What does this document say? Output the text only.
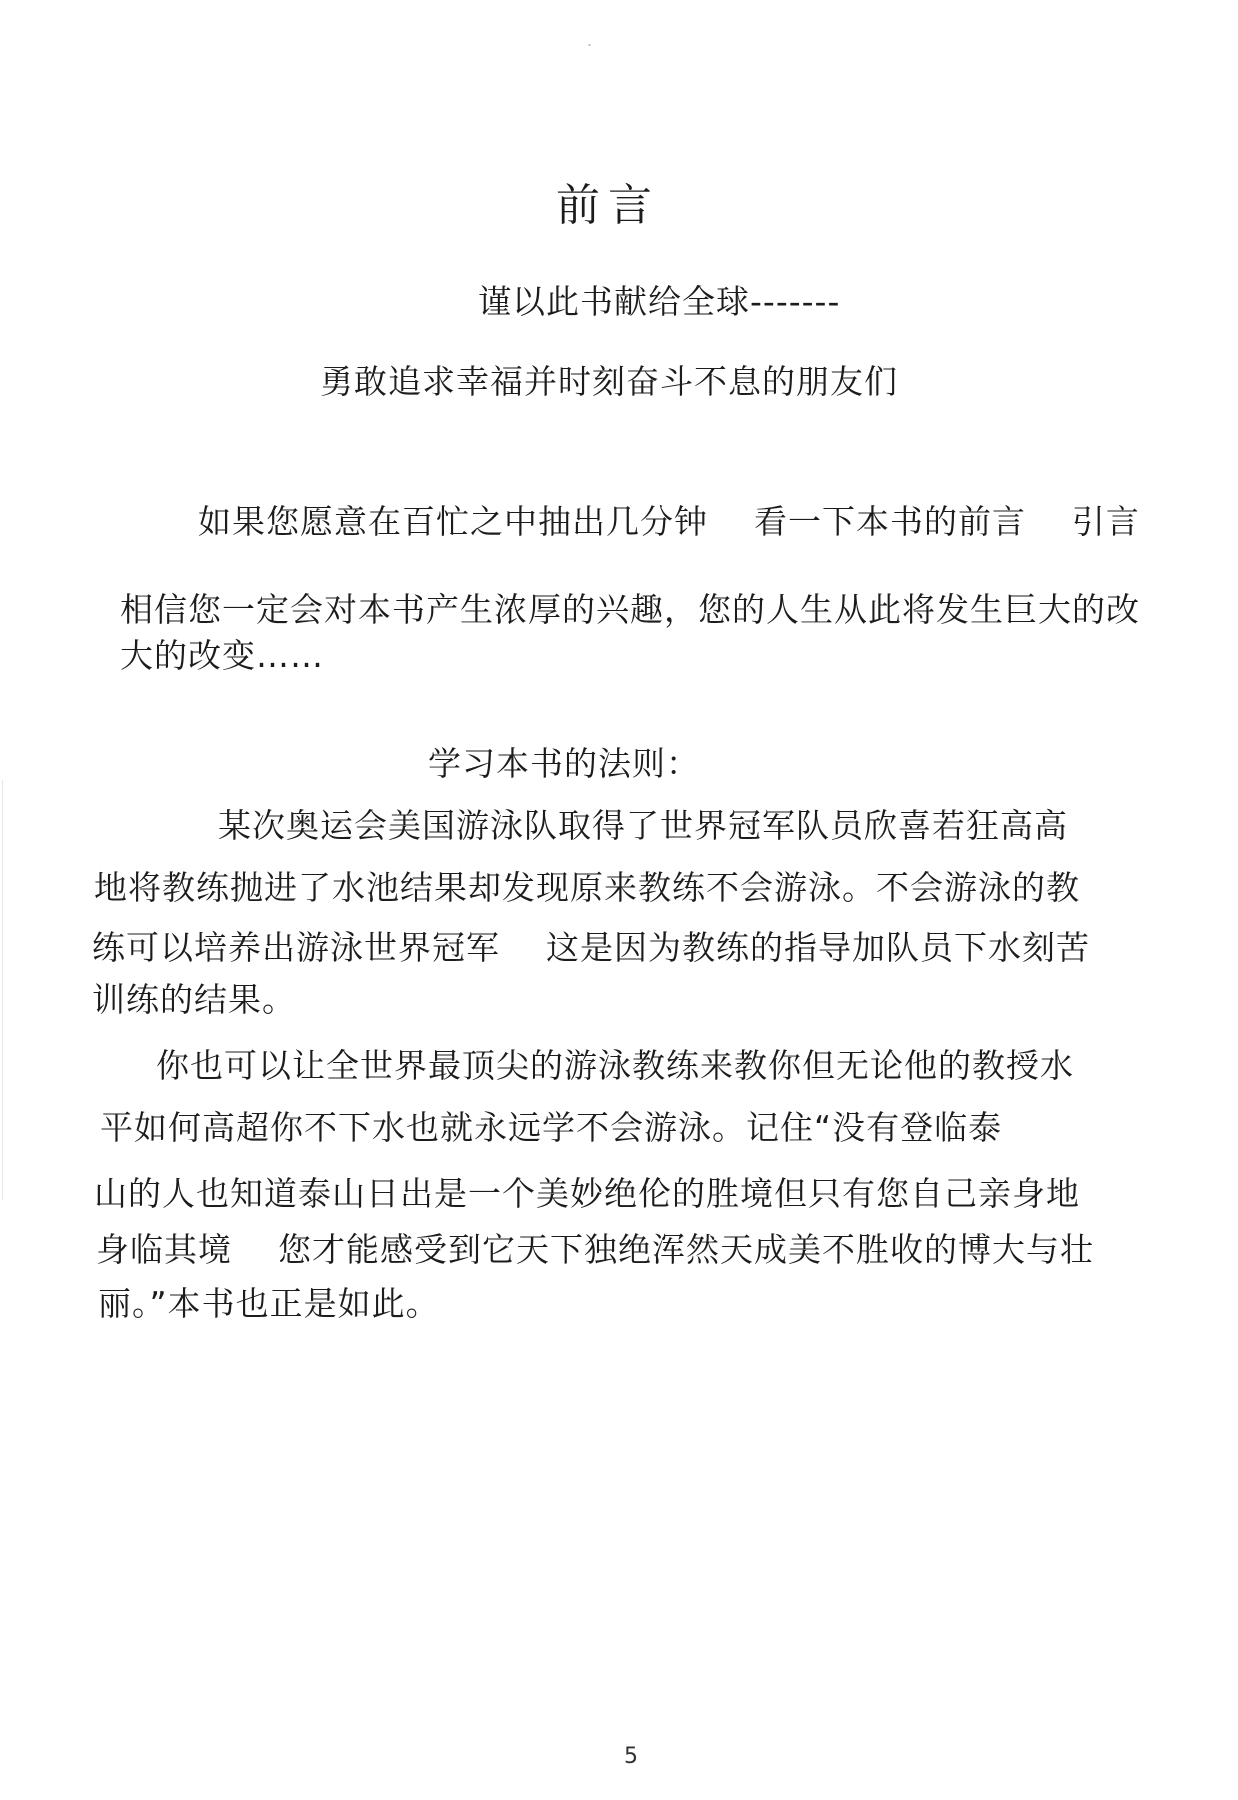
前言
谨以此书献给全球-------
勇敢追求幸福并时刻奋斗不息的朋友们
如果您愿意在百忙之中抽出几分钟    看一下本书的前言    引言
相信您一定会对本书产生浓厚的兴趣，您的人生从此将发生巨大的改
大的改变……
学习本书的法则：
某次奥运会美国游泳队取得了世界冠军队员欣喜若狂高高
地将教练抛进了水池结果却发现原来教练不会游泳。不会游泳的教
练可以培养出游泳世界冠军    这是因为教练的指导加队员下水刻苦
训练的结果。
你也可以让全世界最顶尖的游泳教练来教你但无论他的教授水
平如何高超你不下水也就永远学不会游泳。记住“没有登临泰
山的人也知道泰山日出是一个美妙绝伦的胜境但只有您自己亲身地
身临其境    您才能感受到它天下独绝浑然天成美不胜收的博大与壮
丽。”本书也正是如此。
5
